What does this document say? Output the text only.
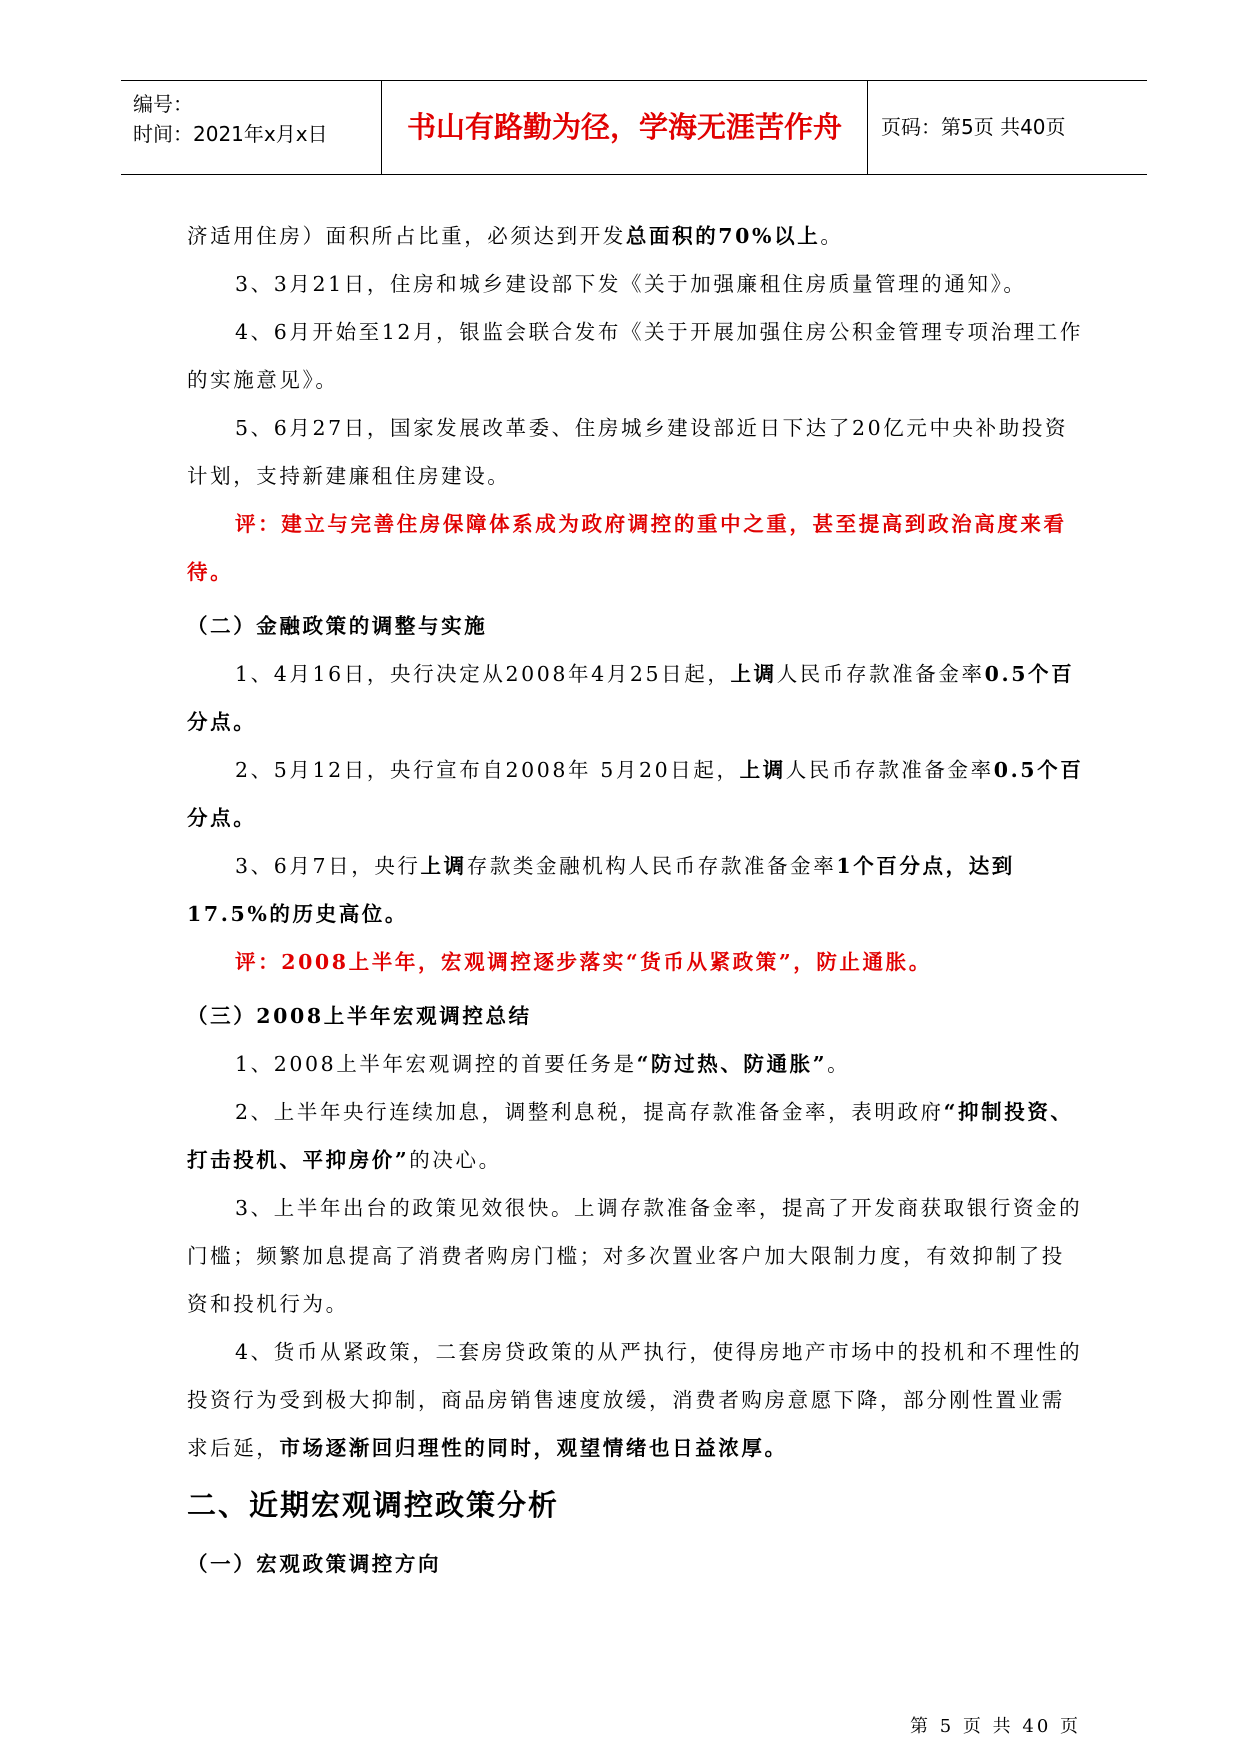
编号：
时间：2021年x月x日	书山有路勤为径，学海无涯苦作舟	页码：第5页 共40页

济适用住房）面积所占比重，必须达到开发总面积的70%以上。

3、3月21日，住房和城乡建设部下发《关于加强廉租住房质量管理的通知》。

4、6月开始至12月，银监会联合发布《关于开展加强住房公积金管理专项治理工作的实施意见》。

5、6月27日，国家发展改革委、住房城乡建设部近日下达了20亿元中央补助投资计划，支持新建廉租住房建设。

评：建立与完善住房保障体系成为政府调控的重中之重，甚至提高到政治高度来看待。

（二）金融政策的调整与实施

1、4月16日，央行决定从2008年4月25日起，上调人民币存款准备金率0.5个百分点。

2、5月12日，央行宣布自2008年 5月20日起，上调人民币存款准备金率0.5个百分点。

3、6月7日，央行上调存款类金融机构人民币存款准备金率1个百分点，达到17.5%的历史高位。

评：2008上半年，宏观调控逐步落实“货币从紧政策”，防止通胀。

（三）2008上半年宏观调控总结

1、2008上半年宏观调控的首要任务是“防过热、防通胀”。

2、上半年央行连续加息，调整利息税，提高存款准备金率，表明政府“抑制投资、打击投机、平抑房价”的决心。

3、上半年出台的政策见效很快。上调存款准备金率，提高了开发商获取银行资金的门槛；频繁加息提高了消费者购房门槛；对多次置业客户加大限制力度，有效抑制了投资和投机行为。

4、货币从紧政策，二套房贷政策的从严执行，使得房地产市场中的投机和不理性的投资行为受到极大抑制，商品房销售速度放缓，消费者购房意愿下降，部分刚性置业需求后延，市场逐渐回归理性的同时，观望情绪也日益浓厚。

二、近期宏观调控政策分析

（一）宏观政策调控方向

第 5 页 共 40 页
